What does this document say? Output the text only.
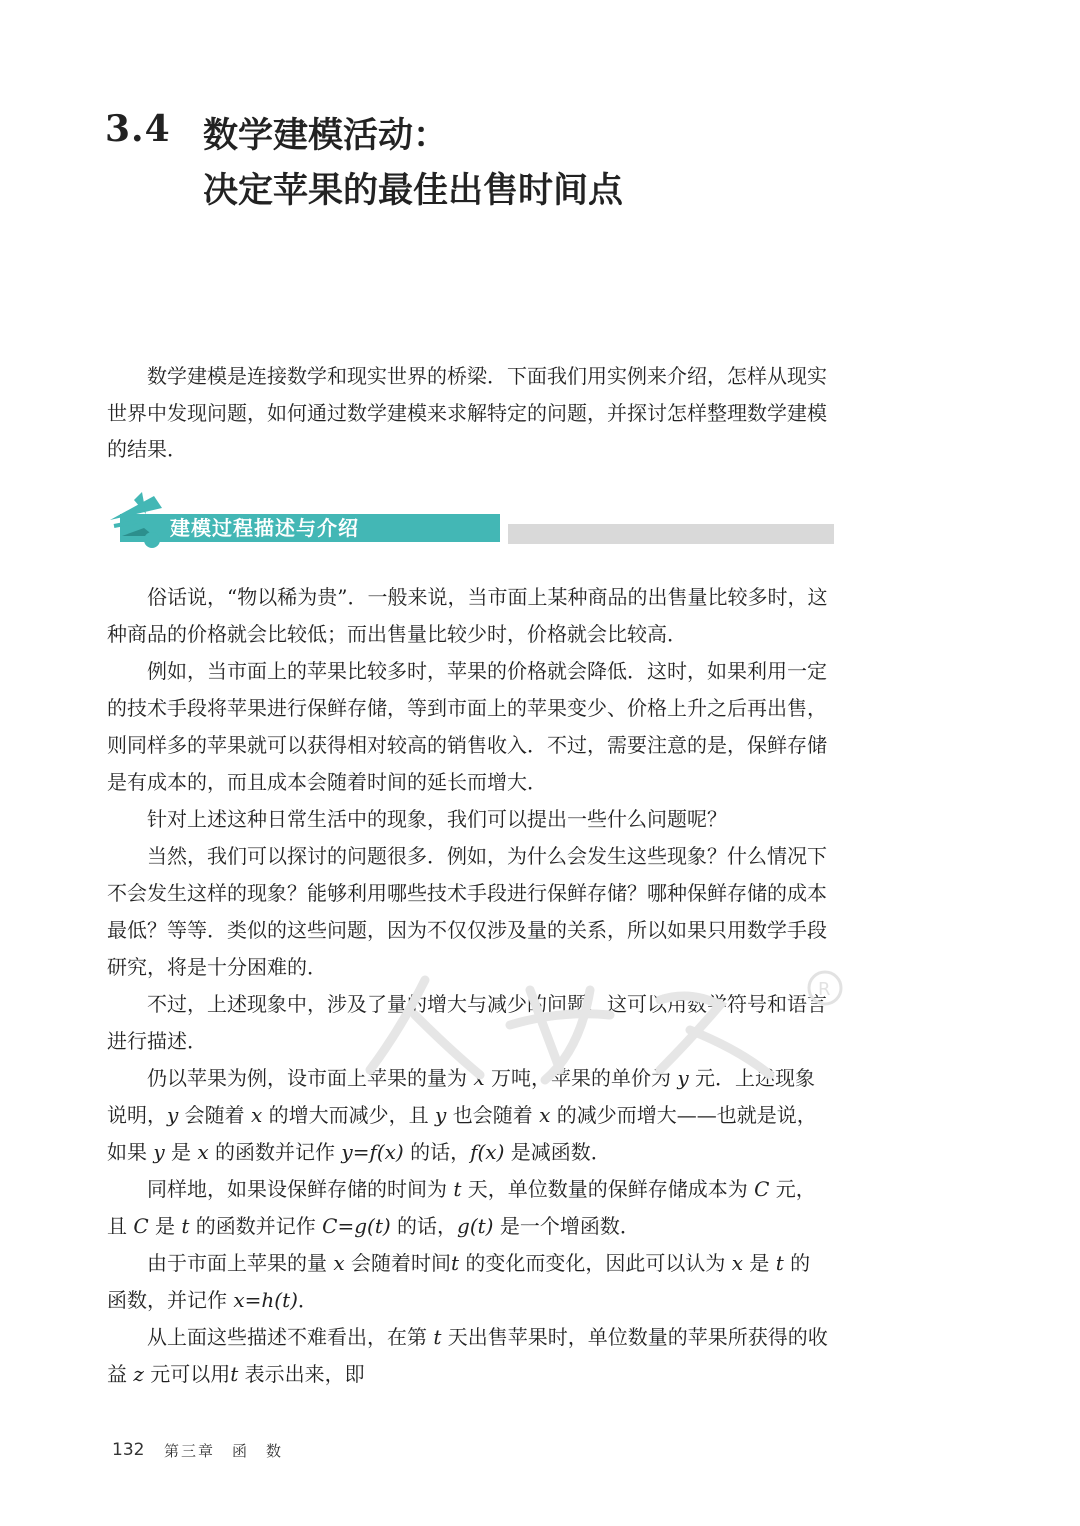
3.4 数学建模活动：
决定苹果的最佳出售时间点

数学建模是连接数学和现实世界的桥梁．下面我们用实例来介绍，怎样从现实世界中发现问题，如何通过数学建模来求解特定的问题，并探讨怎样整理数学建模的结果．

建模过程描述与介绍

俗话说，“物以稀为贵”．一般来说，当市面上某种商品的出售量比较多时，这种商品的价格就会比较低；而出售量比较少时，价格就会比较高．

例如，当市面上的苹果比较多时，苹果的价格就会降低．这时，如果利用一定的技术手段将苹果进行保鲜存储，等到市面上的苹果变少、价格上升之后再出售，则同样多的苹果就可以获得相对较高的销售收入．不过，需要注意的是，保鲜存储是有成本的，而且成本会随着时间的延长而增大．

针对上述这种日常生活中的现象，我们可以提出一些什么问题呢？

当然，我们可以探讨的问题很多．例如，为什么会发生这些现象？什么情况下不会发生这样的现象？能够利用哪些技术手段进行保鲜存储？哪种保鲜存储的成本最低？等等．类似的这些问题，因为不仅仅涉及量的关系，所以如果只用数学手段研究，将是十分困难的．

不过，上述现象中，涉及了量的增大与减少的问题，这可以用数学符号和语言进行描述．

仍以苹果为例，设市面上苹果的量为 x 万吨，苹果的单价为 y 元．上述现象说明，y 会随着 x 的增大而减少，且 y 也会随着 x 的减少而增大——也就是说，如果 y 是 x 的函数并记作 y=f(x) 的话，f(x) 是减函数．

同样地，如果设保鲜存储的时间为 t 天，单位数量的保鲜存储成本为 C 元，且 C 是 t 的函数并记作 C=g(t) 的话，g(t) 是一个增函数．

由于市面上苹果的量 x 会随着时间t 的变化而变化，因此可以认为 x 是 t 的函数，并记作 x=h(t)．

从上面这些描述不难看出，在第 t 天出售苹果时，单位数量的苹果所获得的收益 z 元可以用t 表示出来，即

R
132 第三章　函　数
